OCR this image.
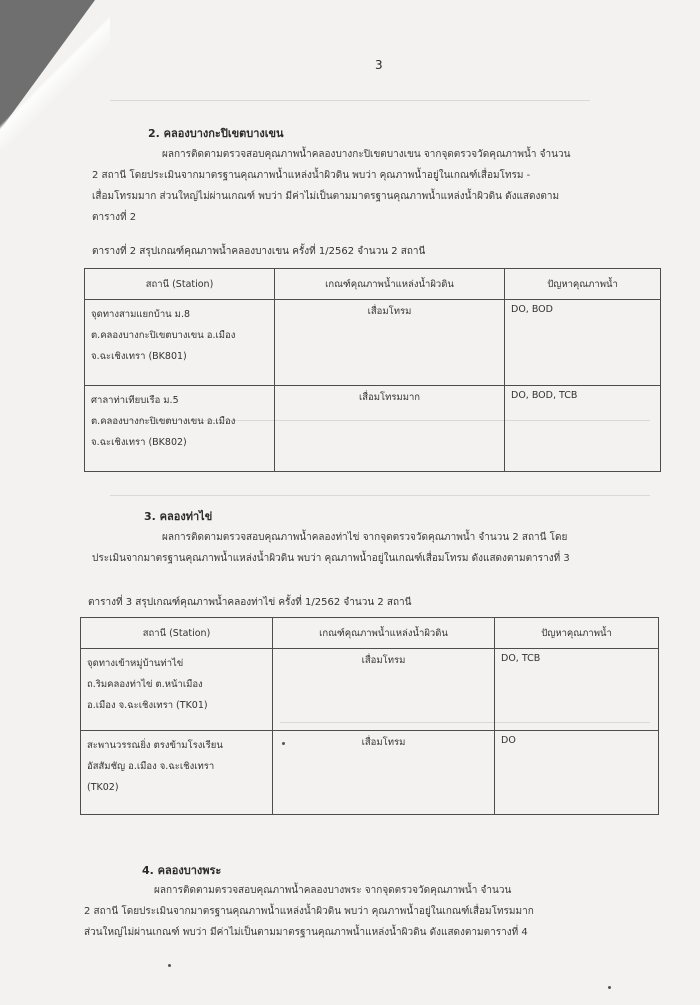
3
2. คลองบางกะปิเขตบางเขน
ผลการติดตามตรวจสอบคุณภาพน้ำคลองบางกะปิเขตบางเขน จากจุดตรวจวัดคุณภาพน้ำ จำนวน
2 สถานี โดยประเมินจากมาตรฐานคุณภาพน้ำแหล่งน้ำผิวดิน พบว่า คุณภาพน้ำอยู่ในเกณฑ์เสื่อมโทรม -
เสื่อมโทรมมาก ส่วนใหญ่ไม่ผ่านเกณฑ์ พบว่า มีค่าไม่เป็นตามมาตรฐานคุณภาพน้ำแหล่งน้ำผิวดิน ดังแสดงตาม
ตารางที่ 2
ตารางที่ 2 สรุปเกณฑ์คุณภาพน้ำคลองบางเขน ครั้งที่ 1/2562 จำนวน 2 สถานี
สถานี (Station)	เกณฑ์คุณภาพน้ำแหล่งน้ำผิวดิน	ปัญหาคุณภาพน้ำ

จุดทางสามแยกบ้าน ม.8
ต.คลองบางกะปิเขตบางเขน อ.เมือง
จ.ฉะเชิงเทรา (BK801)	เสื่อมโทรม	DO, BOD

ศาลาท่าเทียบเรือ ม.5
ต.คลองบางกะปิเขตบางเขน อ.เมือง
จ.ฉะเชิงเทรา (BK802)	เสื่อมโทรมมาก	DO, BOD, TCB
3. คลองท่าไข่
ผลการติดตามตรวจสอบคุณภาพน้ำคลองท่าไข่ จากจุดตรวจวัดคุณภาพน้ำ จำนวน 2 สถานี โดย
ประเมินจากมาตรฐานคุณภาพน้ำแหล่งน้ำผิวดิน พบว่า คุณภาพน้ำอยู่ในเกณฑ์เสื่อมโทรม ดังแสดงตามตารางที่ 3
ตารางที่ 3 สรุปเกณฑ์คุณภาพน้ำคลองท่าไข่ ครั้งที่ 1/2562 จำนวน 2 สถานี
สถานี (Station)	เกณฑ์คุณภาพน้ำแหล่งน้ำผิวดิน	ปัญหาคุณภาพน้ำ

จุดทางเข้าหมู่บ้านท่าไข่
ถ.ริมคลองท่าไข่ ต.หน้าเมือง
อ.เมือง จ.ฉะเชิงเทรา (TK01)	เสื่อมโทรม	DO, TCB

สะพานวรรณยิ่ง ตรงข้ามโรงเรียน
อัสสัมชัญ อ.เมือง จ.ฉะเชิงเทรา
(TK02)	เสื่อมโทรม	DO
4. คลองบางพระ
ผลการติดตามตรวจสอบคุณภาพน้ำคลองบางพระ จากจุดตรวจวัดคุณภาพน้ำ จำนวน
2 สถานี โดยประเมินจากมาตรฐานคุณภาพน้ำแหล่งน้ำผิวดิน พบว่า คุณภาพน้ำอยู่ในเกณฑ์เสื่อมโทรมมาก
ส่วนใหญ่ไม่ผ่านเกณฑ์ พบว่า มีค่าไม่เป็นตามมาตรฐานคุณภาพน้ำแหล่งน้ำผิวดิน ดังแสดงตามตารางที่ 4
